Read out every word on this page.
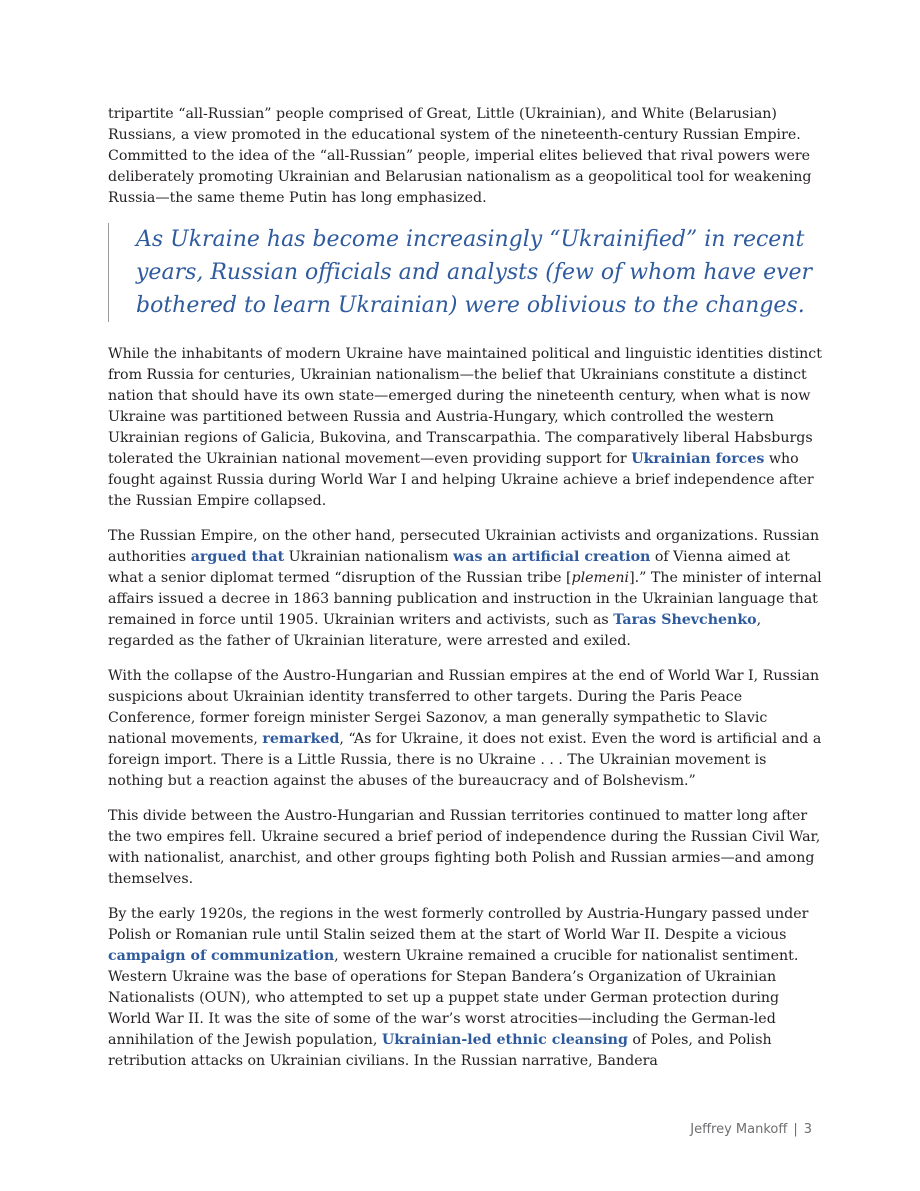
tripartite “all-Russian” people comprised of Great, Little (Ukrainian), and White (Belarusian) Russians, a view promoted in the educational system of the nineteenth-century Russian Empire. Committed to the idea of the “all-Russian” people, imperial elites believed that rival powers were deliberately promoting Ukrainian and Belarusian nationalism as a geopolitical tool for weakening Russia—the same theme Putin has long emphasized.

As Ukraine has become increasingly “Ukrainified” in recent years, Russian officials and analysts (few of whom have ever bothered to learn Ukrainian) were oblivious to the changes.

While the inhabitants of modern Ukraine have maintained political and linguistic identities distinct from Russia for centuries, Ukrainian nationalism—the belief that Ukrainians constitute a distinct nation that should have its own state—emerged during the nineteenth century, when what is now Ukraine was partitioned between Russia and Austria-Hungary, which controlled the western Ukrainian regions of Galicia, Bukovina, and Transcarpathia. The comparatively liberal Habsburgs tolerated the Ukrainian national movement—even providing support for Ukrainian forces who fought against Russia during World War I and helping Ukraine achieve a brief independence after the Russian Empire collapsed.

The Russian Empire, on the other hand, persecuted Ukrainian activists and organizations. Russian authorities argued that Ukrainian nationalism was an artificial creation of Vienna aimed at what a senior diplomat termed “disruption of the Russian tribe [plemeni].” The minister of internal affairs issued a decree in 1863 banning publication and instruction in the Ukrainian language that remained in force until 1905. Ukrainian writers and activists, such as Taras Shevchenko, regarded as the father of Ukrainian literature, were arrested and exiled.

With the collapse of the Austro-Hungarian and Russian empires at the end of World War I, Russian suspicions about Ukrainian identity transferred to other targets. During the Paris Peace Conference, former foreign minister Sergei Sazonov, a man generally sympathetic to Slavic national movements, remarked, “As for Ukraine, it does not exist. Even the word is artificial and a foreign import. There is a Little Russia, there is no Ukraine . . . The Ukrainian movement is nothing but a reaction against the abuses of the bureaucracy and of Bolshevism.”

This divide between the Austro-Hungarian and Russian territories continued to matter long after the two empires fell. Ukraine secured a brief period of independence during the Russian Civil War, with nationalist, anarchist, and other groups fighting both Polish and Russian armies—and among themselves.

By the early 1920s, the regions in the west formerly controlled by Austria-Hungary passed under Polish or Romanian rule until Stalin seized them at the start of World War II. Despite a vicious campaign of communization, western Ukraine remained a crucible for nationalist sentiment. Western Ukraine was the base of operations for Stepan Bandera’s Organization of Ukrainian Nationalists (OUN), who attempted to set up a puppet state under German protection during World War II. It was the site of some of the war’s worst atrocities—including the German-led annihilation of the Jewish population, Ukrainian-led ethnic cleansing of Poles, and Polish retribution attacks on Ukrainian civilians. In the Russian narrative, Bandera

Jeffrey Mankoff | 3
